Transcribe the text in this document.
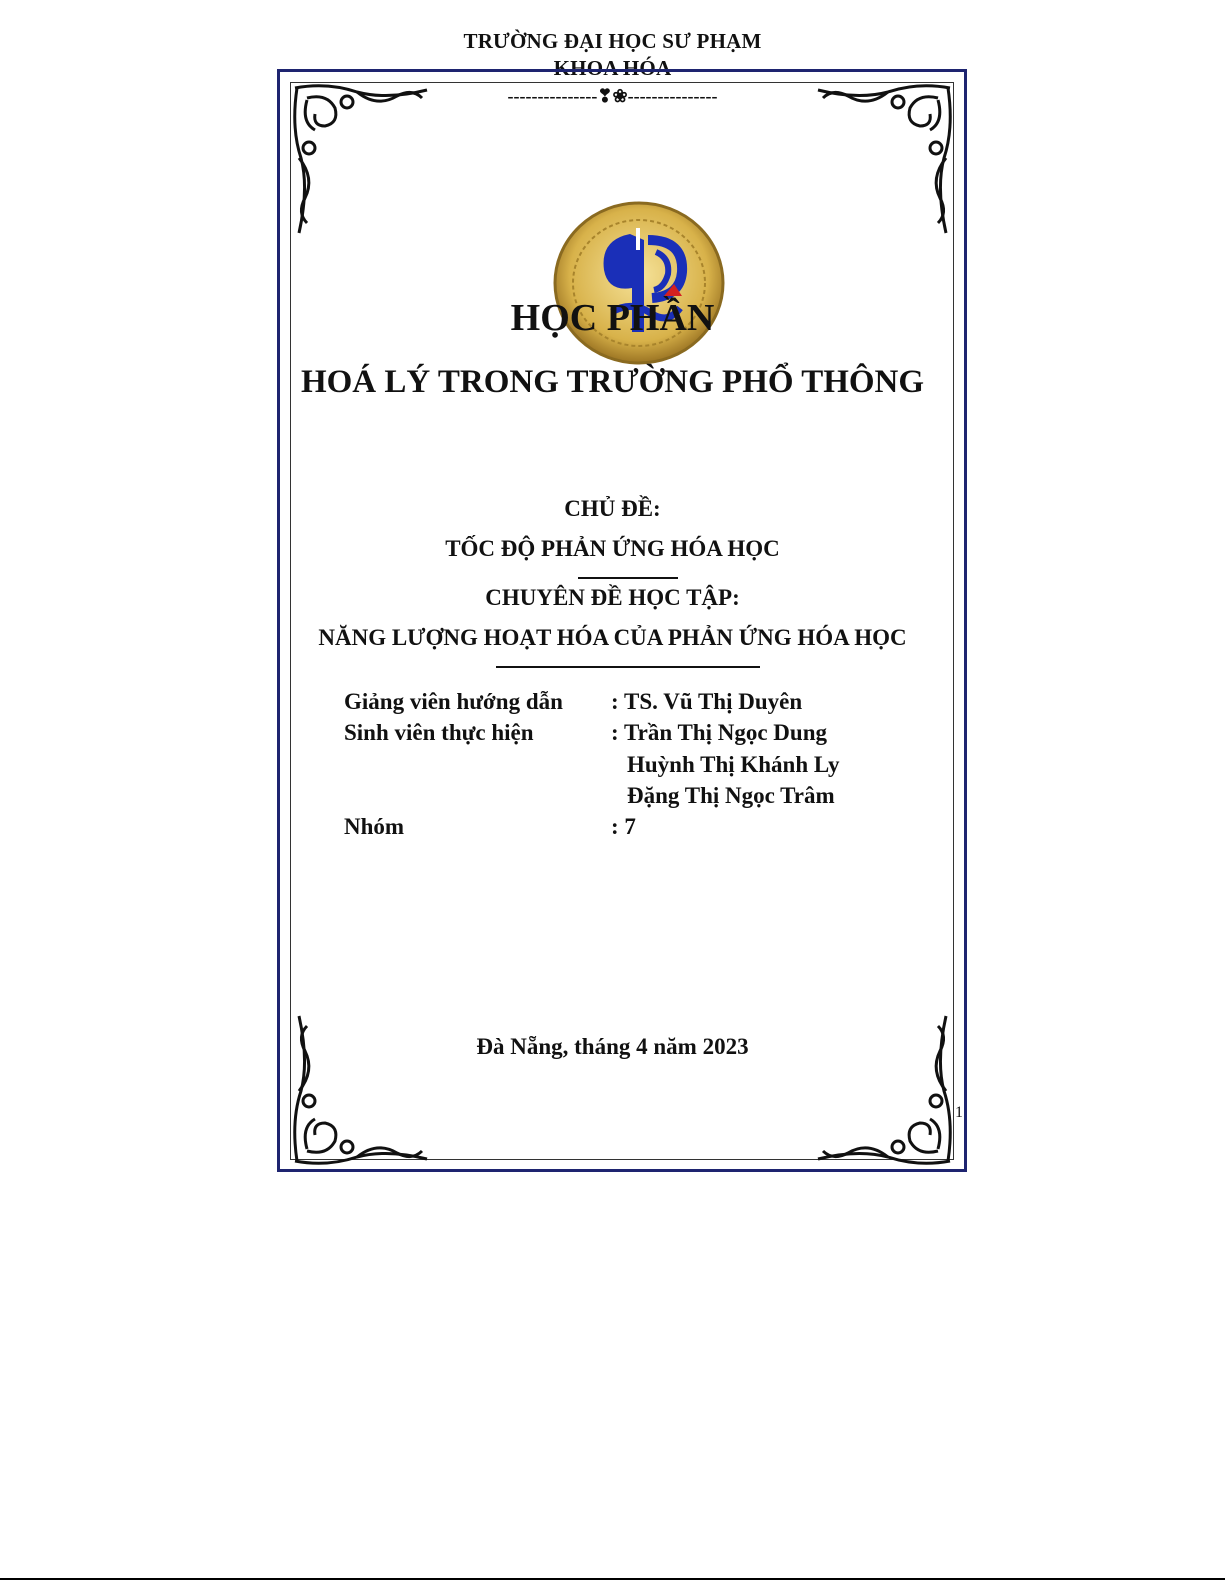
TRƯỜNG ĐẠI HỌC SƯ PHẠM
KHOA HÓA
---------------❣❀---------------
HỌC PHẦN
HOÁ LÝ TRONG TRƯỜNG PHỔ THÔNG
CHỦ ĐỀ:
TỐC ĐỘ PHẢN ỨNG HÓA HỌC
CHUYÊN ĐỀ HỌC TẬP:
NĂNG LƯỢNG HOẠT HÓA CỦA PHẢN ỨNG HÓA HỌC
Giảng viên hướng dẫn : TS. Vũ Thị Duyên
Sinh viên thực hiện	: Trần Thị Ngọc Dung
Huỳnh Thị Khánh Ly
Đặng Thị Ngọc Trâm
Nhóm	: 7
Đà Nẵng, tháng 4 năm 2023
1
